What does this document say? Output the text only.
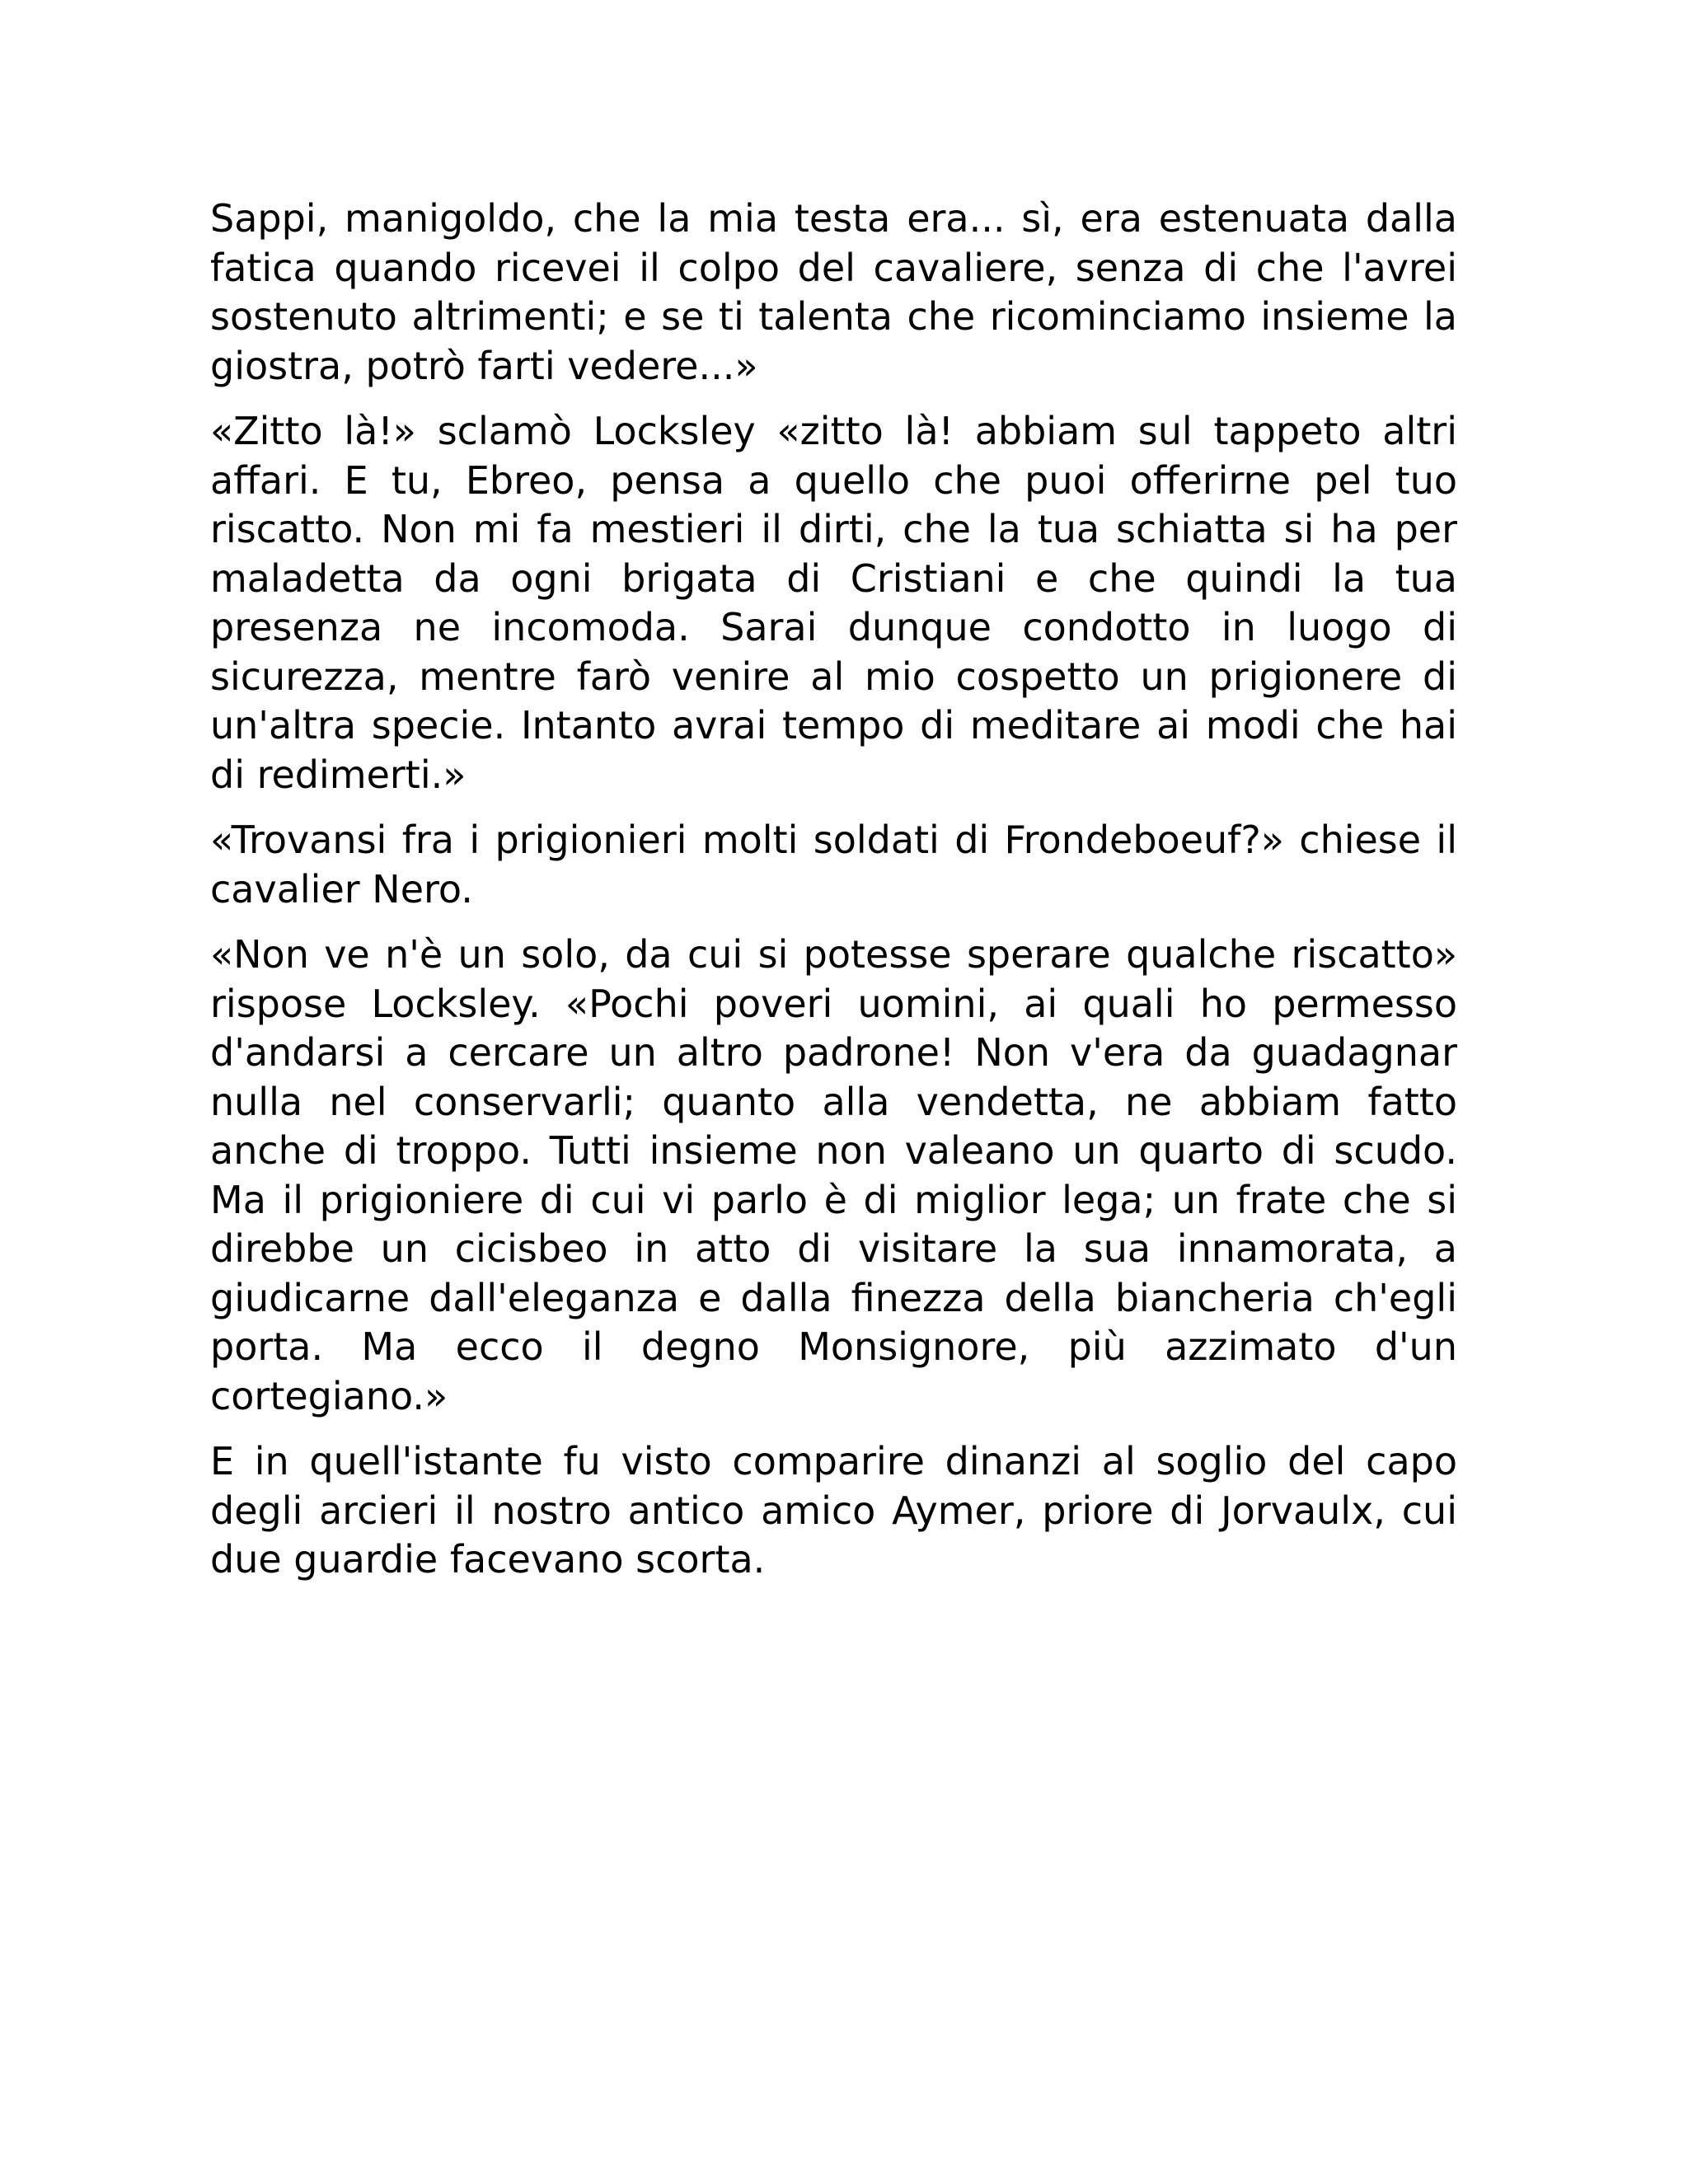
Sappi, manigoldo, che la mia testa era... sì, era estenuata dalla fatica quando ricevei il colpo del cavaliere, senza di che l'avrei sostenuto altrimenti; e se ti talenta che ricominciamo insieme la giostra, potrò farti vedere...»

«Zitto là!» sclamò Locksley «zitto là! abbiam sul tappeto altri affari. E tu, Ebreo, pensa a quello che puoi offerirne pel tuo riscatto. Non mi fa mestieri il dirti, che la tua schiatta si ha per maladetta da ogni brigata di Cristiani e che quindi la tua presenza ne incomoda. Sarai dunque condotto in luogo di sicurezza, mentre farò venire al mio cospetto un prigionere di un'altra specie. Intanto avrai tempo di meditare ai modi che hai di redimerti.»

«Trovansi fra i prigionieri molti soldati di Frondeboeuf?» chiese il cavalier Nero.

«Non ve n'è un solo, da cui si potesse sperare qualche riscatto» rispose Locksley. «Pochi poveri uomini, ai quali ho permesso d'andarsi a cercare un altro padrone! Non v'era da guadagnar nulla nel conservarli; quanto alla vendetta, ne abbiam fatto anche di troppo. Tutti insieme non valeano un quarto di scudo. Ma il prigioniere di cui vi parlo è di miglior lega; un frate che si direbbe un cicisbeo in atto di visitare la sua innamorata, a giudicarne dall'eleganza e dalla finezza della biancheria ch'egli porta. Ma ecco il degno Monsignore, più azzimato d'un cortegiano.»

E in quell'istante fu visto comparire dinanzi al soglio del capo degli arcieri il nostro antico amico Aymer, priore di Jorvaulx, cui due guardie facevano scorta.
